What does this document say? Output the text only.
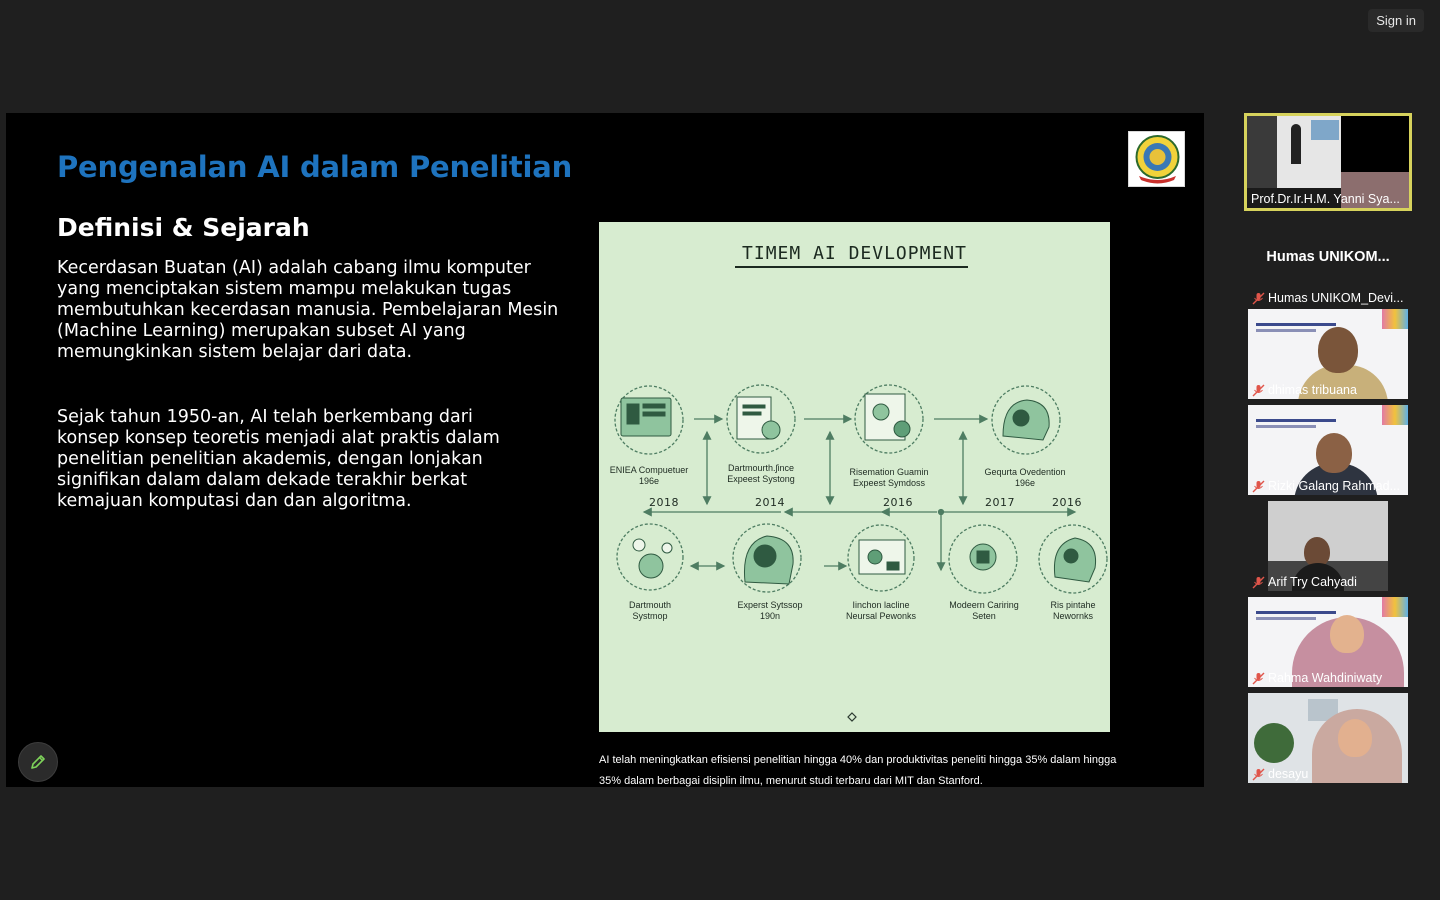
Sign in
Pengenalan AI dalam Penelitian
Definisi & Sejarah
Kecerdasan Buatan (AI) adalah cabang ilmu komputer yang menciptakan sistem mampu melakukan tugas membutuhkan kecerdasan manusia. Pembelajaran Mesin (Machine Learning) merupakan subset AI yang memungkinkan sistem belajar dari data.
Sejak tahun 1950-an, AI telah berkembang dari konsep konsep teoretis menjadi alat praktis dalam penelitian penelitian akademis, dengan lonjakan signifikan dalam dalam dekade terakhir berkat kemajuan komputasi dan dan algoritma.
TIMEM AI DEVLOPMENT
ENIEA Compuetuer
196e
Dartmourth.ʃince
Expeest Systong
Risemation Guamin
Expeest Symdoss
Gequrta Ovedention
196e
2018	2014	2016	2017	2016
Dartmouth
Systmop
Experst Sytssop
190n
Iinchon lacline
Neursal Pewonks
Modeern Cariring
Seten
Ris pintahe
Newornks
AI telah meningkatkan efisiensi penelitian hingga 40% dan produktivitas peneliti hingga 35% dalam hingga 35% dalam berbagai disiplin ilmu, menurut studi terbaru dari MIT dan Stanford.
Prof.Dr.Ir.H.M. Yanni Sya...
Humas UNIKOM...
Humas UNIKOM_Devi...
dhimas tribuana
Rizki Galang Rahmad...
Arif Try Cahyadi
Rahma Wahdiniwaty
desayu
